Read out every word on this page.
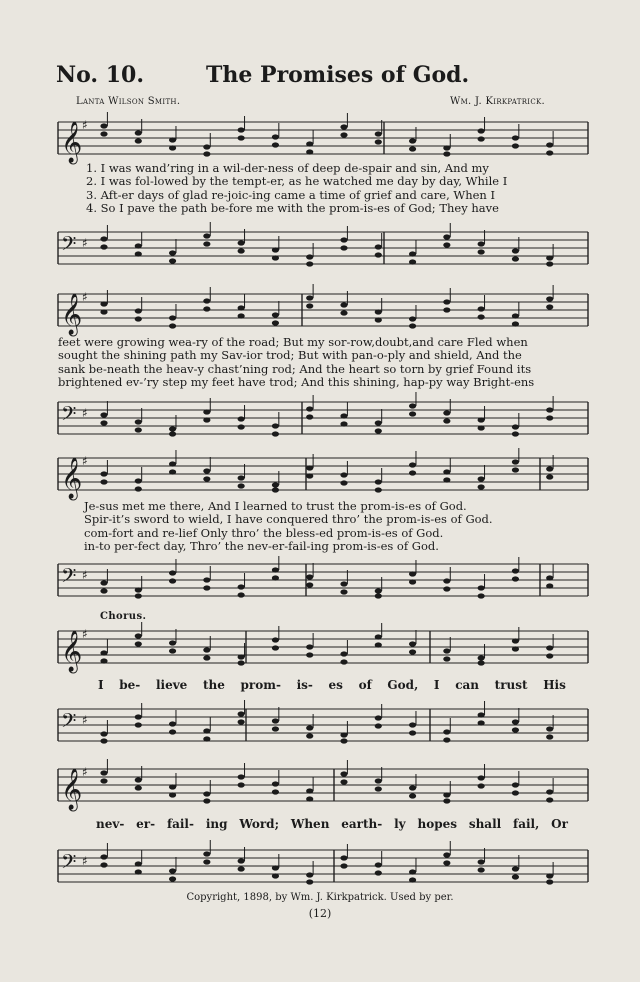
No. 10.	The Promises of God.
Lanta Wilson Smith.	Wm. J. Kirkpatrick.
𝄞 ♯
𝄢 ♯
𝄞 ♯
𝄢 ♯
𝄞 ♯
𝄢 ♯
𝄞 ♯
𝄢 ♯
𝄞 ♯
𝄢 ♯
1. I was wand’ring in a wil-der-ness of deep de-spair and sin, And my
2. I was fol-lowed by the tempt-er, as he watched me day by day, While I
3. Aft-er days of glad re-joic-ing came a time of grief and care, When I
4. So I pave the path be-fore me with the prom-is-es of God; They have
feet were growing wea-ry of the road; But my sor-row,doubt,and care Fled when
sought the shining path my Sav-ior trod; But with pan-o-ply and shield, And the
sank be-neath the heav-y chast’ning rod; And the heart so torn by grief Found its
brightened ev-’ry step my feet have trod; And this shining, hap-py way Bright-ens
Je-sus met me there, And I learned to trust the prom-is-es of God.
Spir-it’s sword to wield, I have conquered thro’ the prom-is-es of God.
com-fort and re-lief Only thro’ the bless-ed prom-is-es of God.
in-to per-fect day, Thro’ the nev-er-fail-ing prom-is-es of God.
Chorus.
I be- lieve the prom- is- es of God, I can trust His
nev- er- fail- ing Word; When earth- ly hopes shall fail, Or
Copyright, 1898, by Wm. J. Kirkpatrick. Used by per.
(12)
